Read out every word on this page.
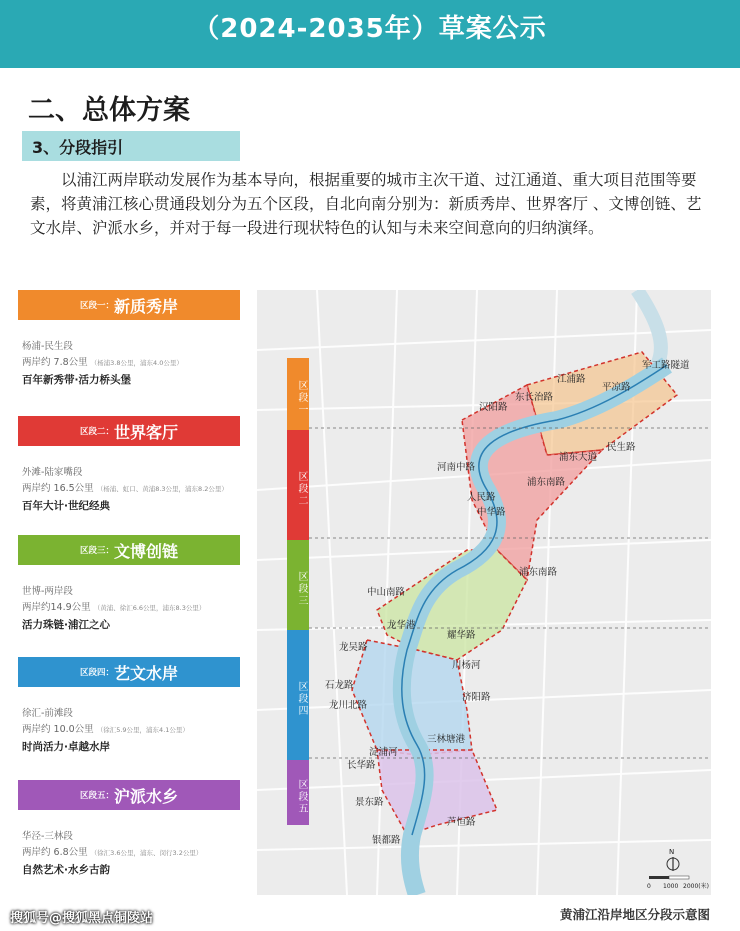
（2024-2035年）草案公示
二、总体方案
3、分段指引

以浦江两岸联动发展作为基本导向，根据重要的城市主次干道、过江通道、重大项目范围等要素，将黄浦江核心贯通段划分为五个区段，自北向南分别为：新质秀岸、世界客厅 、文博创链、艺文水岸、沪派水乡，并对于每一段进行现状特色的认知与未来空间意向的归纳演绎。

区段一： 新质秀岸
杨浦-民生段
两岸约 7.8公里 （杨浦3.8公里，浦东4.0公里）
百年新秀带·活力桥头堡
区段二： 世界客厅
外滩-陆家嘴段
两岸约 16.5公里 （杨浦、虹口、黄浦8.3公里，浦东8.2公里）
百年大计·世纪经典
区段三： 文博创链
世博-两岸段
两岸约14.9公里 （黄浦、徐汇6.6公里，浦东8.3公里）
活力珠链·浦江之心
区段四： 艺文水岸
徐汇-前滩段
两岸约 10.0公里 （徐汇5.9公里，浦东4.1公里）
时尚活力·卓越水岸
区段五： 沪派水乡
华泾-三林段
两岸约 6.8公里 （徐汇3.6公里，浦东、闵行3.2公里）
自然艺术·水乡古韵
军工路隧道
平凉路
江浦路
汉阳路
东长治路
浦东大道
民生路
河南中路
浦东南路
人民路
中华路
浦东南路
中山南路
龙华港
耀华路
川杨河
龙吴路
石龙路
龙川北路
济阳路
三林塘港
淀浦河
长华路
景东路
芦恒路
银都路
N
0 1000 2000(米)
区段一
区段二
区段三
区段四
区段五
黄浦江沿岸地区分段示意图
搜狐号@搜狐黑点铜陵站
